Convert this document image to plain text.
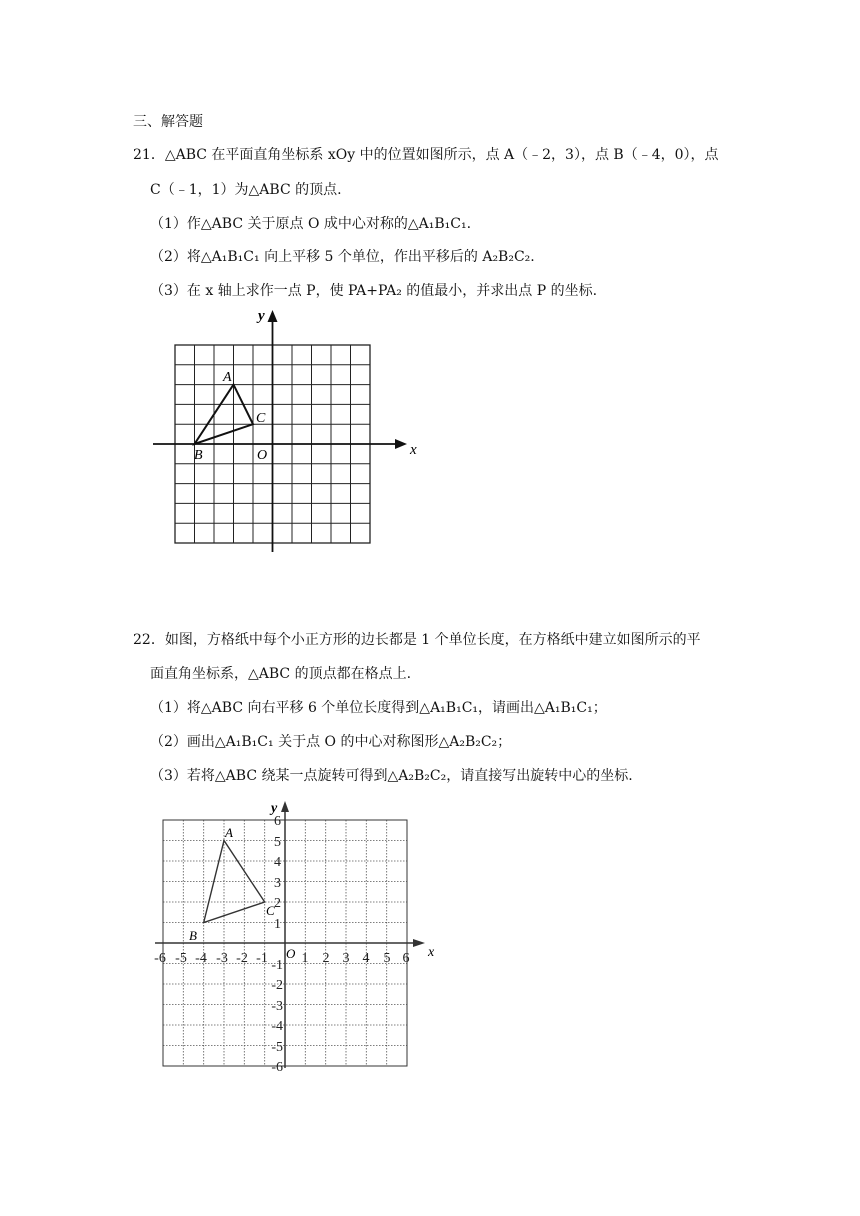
三、解答题
21．△ABC 在平面直角坐标系 xOy 中的位置如图所示，点 A（﹣2，3），点 B（﹣4，0），点
C（﹣1，1）为△ABC 的顶点.
（1）作△ABC 关于原点 O 成中心对称的△A₁B₁C₁.
（2）将△A₁B₁C₁ 向上平移 5 个单位，作出平移后的 A₂B₂C₂.
（3）在 x 轴上求作一点 P，使 PA+PA₂ 的值最小，并求出点 P 的坐标.
x
y
O
A
B
C
22．如图，方格纸中每个小正方形的边长都是 1 个单位长度，在方格纸中建立如图所示的平
面直角坐标系，△ABC 的顶点都在格点上.
（1）将△ABC 向右平移 6 个单位长度得到△A₁B₁C₁，请画出△A₁B₁C₁；
（2）画出△A₁B₁C₁ 关于点 O 的中心对称图形△A₂B₂C₂；
（3）若将△ABC 绕某一点旋转可得到△A₂B₂C₂，请直接写出旋转中心的坐标.
-6 -5 -4 -3 -2 -1 1 2 3 4 5 6
6
5
4
3
2
1
-1
-2
-3
-4
-5
-6
x
y
O
A
B
C
